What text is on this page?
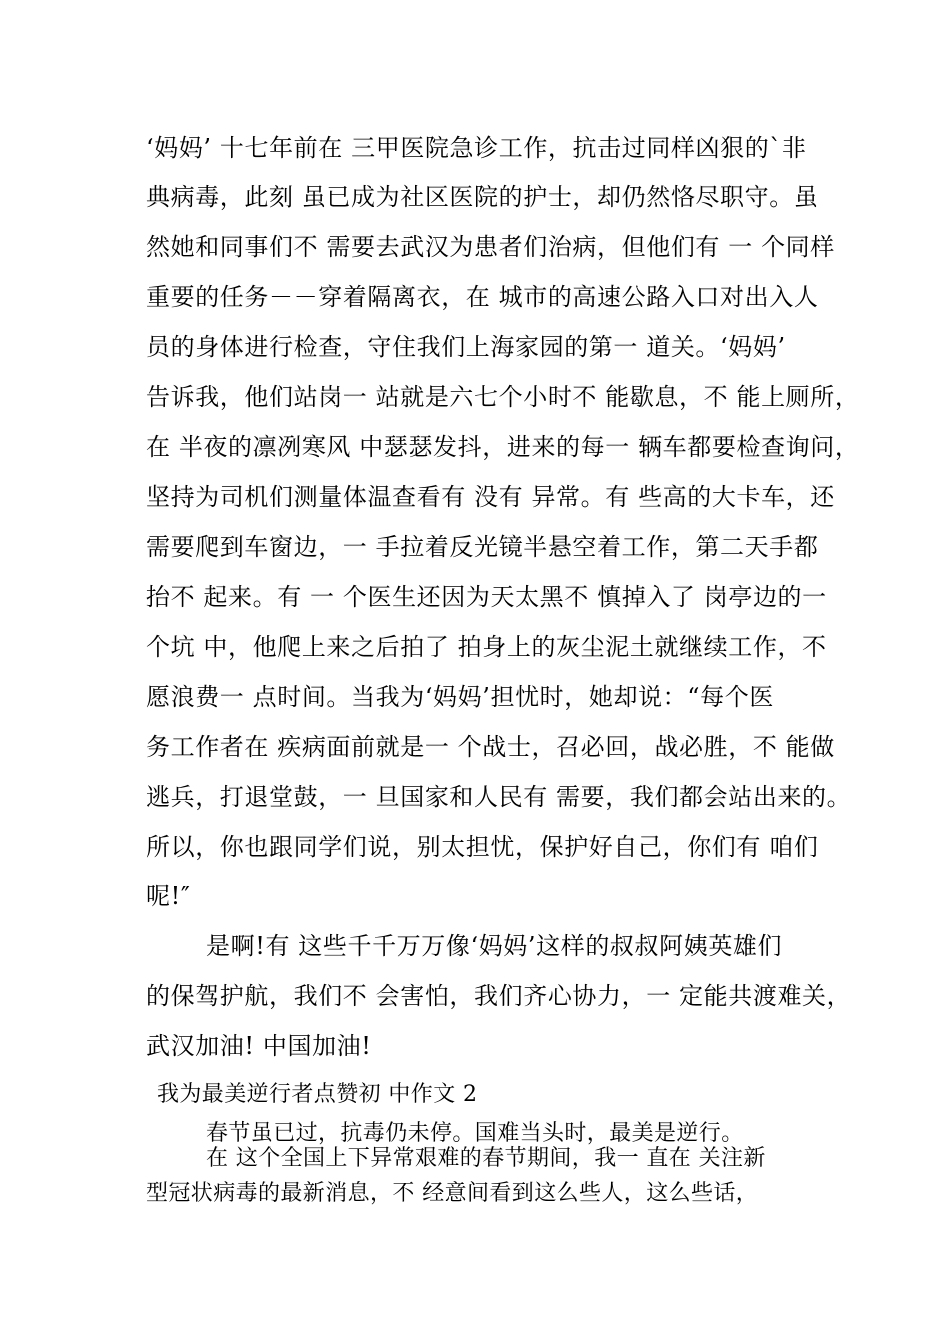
‘妈妈’ 十七年前在 三甲医院急诊工作，抗击过同样凶狠的`非
典病毒，此刻 虽已成为社区医院的护士，却仍然恪尽职守。虽
然她和同事们不 需要去武汉为患者们治病，但他们有 一 个同样
重要的任务－－穿着隔离衣，在 城市的高速公路入口对出入人
员的身体进行检查，守住我们上海家园的第一 道关。‘妈妈’
告诉我，他们站岗一 站就是六七个小时不 能歇息，不 能上厕所，
在 半夜的凛冽寒风 中瑟瑟发抖，进来的每一 辆车都要检查询问，
坚持为司机们测量体温查看有 没有 异常。有 些高的大卡车，还
需要爬到车窗边，一 手拉着反光镜半悬空着工作，第二天手都
抬不 起来。有 一 个医生还因为天太黑不 慎掉入了 岗亭边的一
个坑 中，他爬上来之后拍了 拍身上的灰尘泥土就继续工作，不
愿浪费一 点时间。当我为‘妈妈’担忧时，她却说：“每个医
务工作者在 疾病面前就是一 个战士，召必回，战必胜，不 能做
逃兵，打退堂鼓，一 旦国家和人民有 需要，我们都会站出来的。
所以，你也跟同学们说，别太担忧，保护好自己，你们有 咱们
呢!″
是啊!有 这些千千万万像‘妈妈’这样的叔叔阿姨英雄们
的保驾护航，我们不 会害怕，我们齐心协力，一 定能共渡难关，
武汉加油! 中国加油!
我为最美逆行者点赞初 中作文 2
春节虽已过，抗毒仍未停。国难当头时，最美是逆行。
在 这个全国上下异常艰难的春节期间，我一 直在 关注新
型冠状病毒的最新消息，不 经意间看到这么些人，这么些话，
